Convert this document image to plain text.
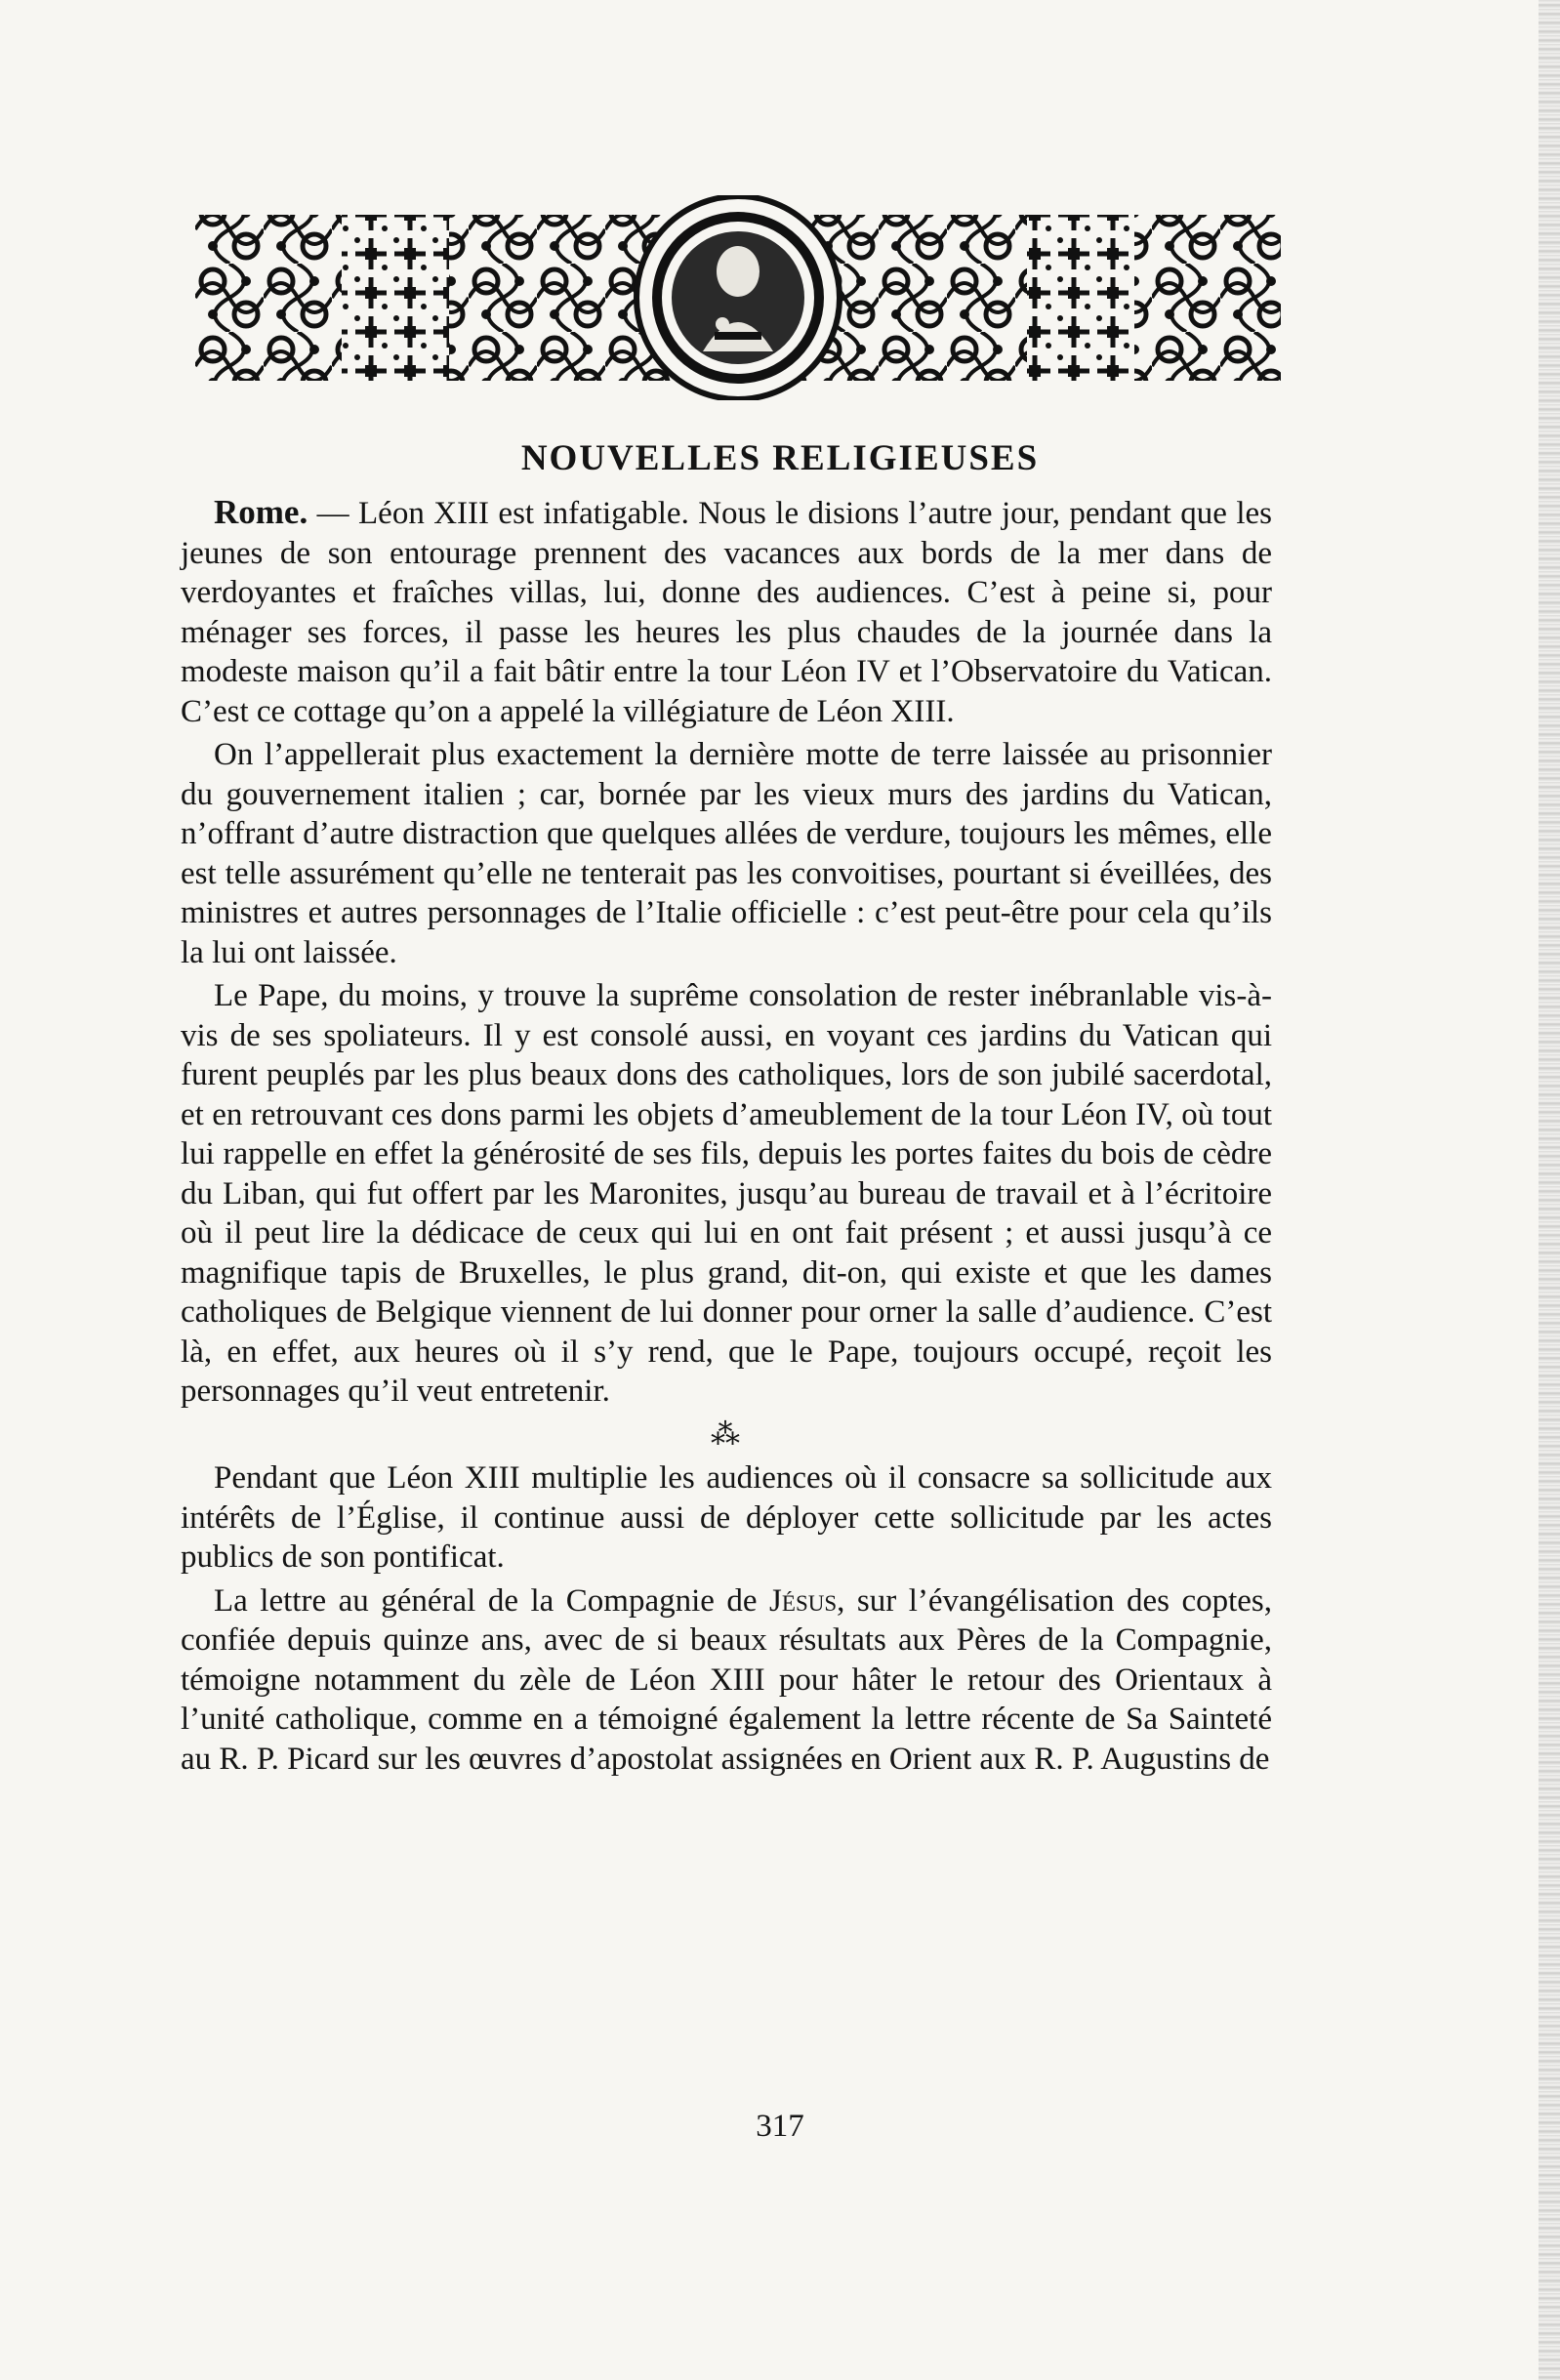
NOUVELLES RELIGIEUSES

Rome. — Léon XIII est infatigable. Nous le disions l’autre jour, pendant que les jeunes de son entourage prennent des vacances aux bords de la mer dans de verdoyantes et fraîches villas, lui, donne des audiences. C’est à peine si, pour ménager ses forces, il passe les heures les plus chaudes de la journée dans la modeste maison qu’il a fait bâtir entre la tour Léon IV et l’Observatoire du Vatican. C’est ce cottage qu’on a appelé la villégiature de Léon XIII.

On l’appellerait plus exactement la dernière motte de terre laissée au prisonnier du gouvernement italien ; car, bornée par les vieux murs des jardins du Vatican, n’offrant d’autre distraction que quelques allées de verdure, toujours les mêmes, elle est telle assurément qu’elle ne tenterait pas les convoitises, pourtant si éveillées, des ministres et autres personnages de l’Italie officielle : c’est peut-être pour cela qu’ils la lui ont laissée.

Le Pape, du moins, y trouve la suprême consolation de rester inébranlable vis-à-vis de ses spoliateurs. Il y est consolé aussi, en voyant ces jardins du Vatican qui furent peuplés par les plus beaux dons des catholiques, lors de son jubilé sacerdotal, et en retrouvant ces dons parmi les objets d’ameublement de la tour Léon IV, où tout lui rappelle en effet la générosité de ses fils, depuis les portes faites du bois de cèdre du Liban, qui fut offert par les Maronites, jusqu’au bureau de travail et à l’écritoire où il peut lire la dédicace de ceux qui lui en ont fait présent ; et aussi jusqu’à ce magnifique tapis de Bruxelles, le plus grand, dit-on, qui existe et que les dames catholiques de Belgique viennent de lui donner pour orner la salle d’audience. C’est là, en effet, aux heures où il s’y rend, que le Pape, toujours occupé, reçoit les personnages qu’il veut entretenir.

⁂

Pendant que Léon XIII multiplie les audiences où il consacre sa sollicitude aux intérêts de l’Église, il continue aussi de déployer cette sollicitude par les actes publics de son pontificat.

La lettre au général de la Compagnie de Jésus, sur l’évangélisation des coptes, confiée depuis quinze ans, avec de si beaux résultats aux Pères de la Compagnie, témoigne notamment du zèle de Léon XIII pour hâter le retour des Orientaux à l’unité catholique, comme en a témoigné également la lettre récente de Sa Sainteté au R. P. Picard sur les œuvres d’apostolat assignées en Orient aux R. P. Augustins de

317
